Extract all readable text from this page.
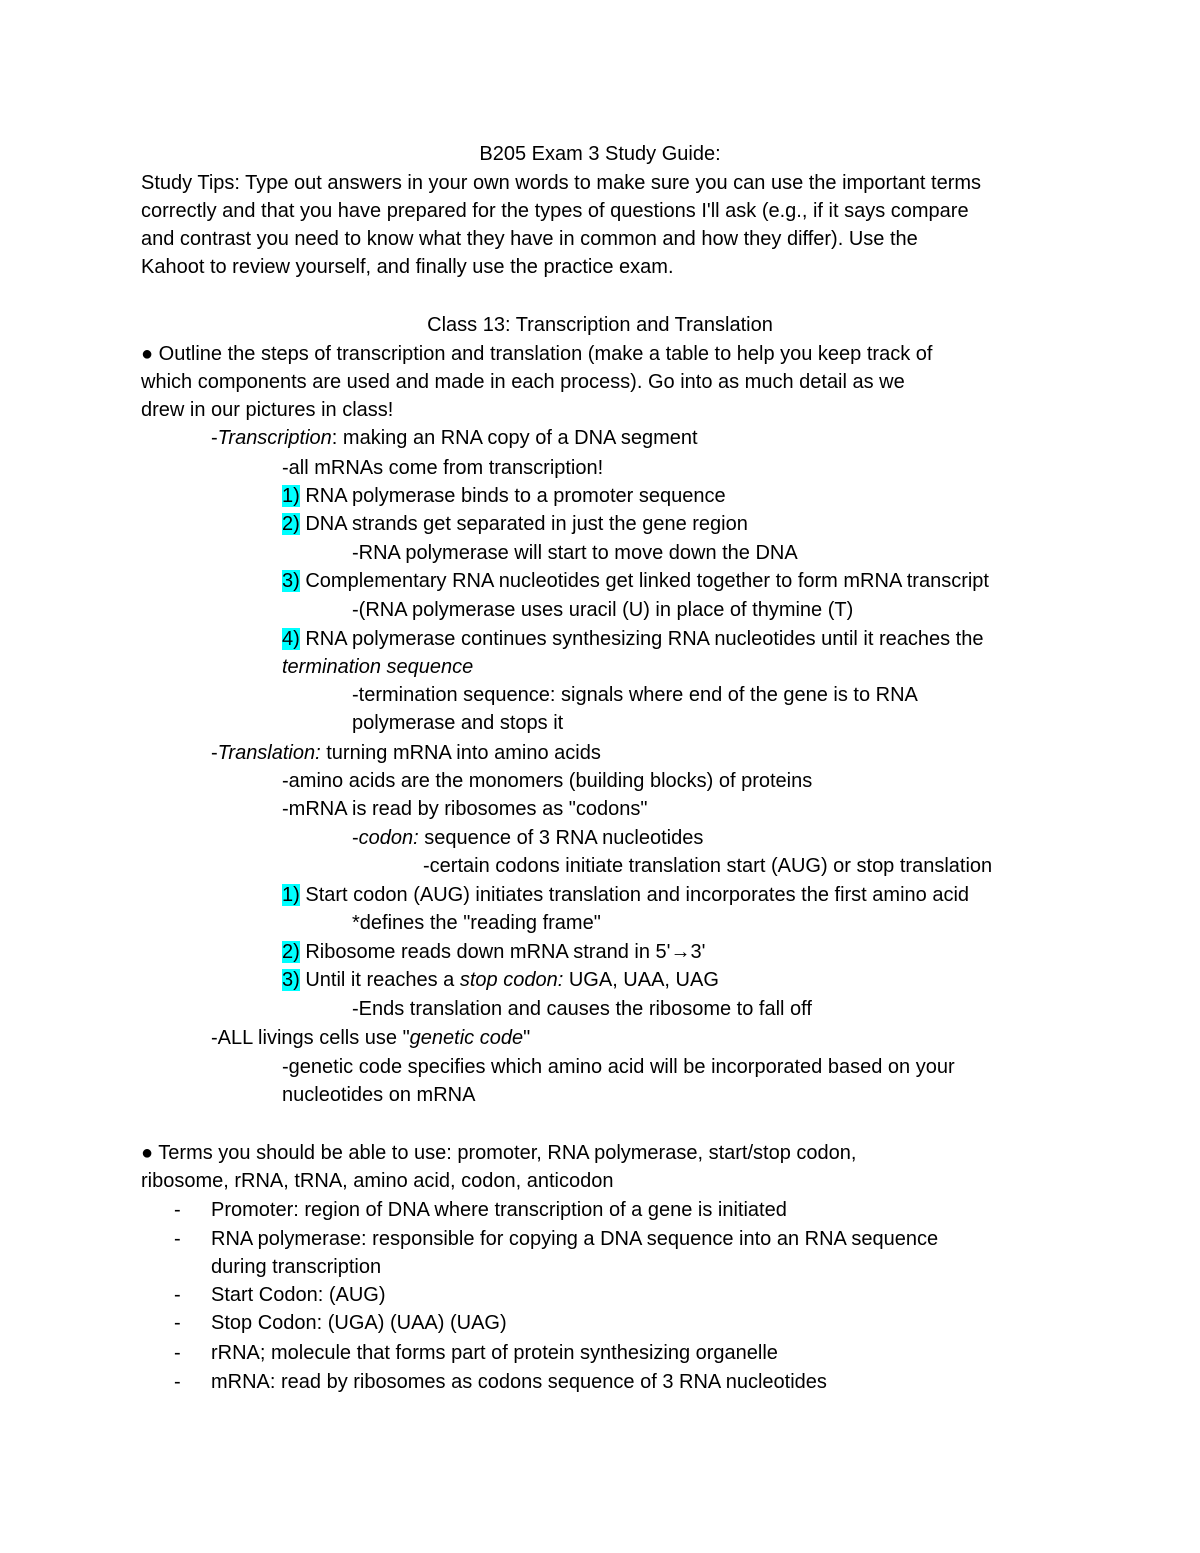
B205 Exam 3 Study Guide:
Study Tips: Type out answers in your own words to make sure you can use the important terms
correctly and that you have prepared for the types of questions I'll ask (e.g., if it says compare
and contrast you need to know what they have in common and how they differ). Use the
Kahoot to review yourself, and finally use the practice exam.
Class 13: Transcription and Translation
● Outline the steps of transcription and translation (make a table to help you keep track of
which components are used and made in each process). Go into as much detail as we
drew in our pictures in class!
-Transcription: making an RNA copy of a DNA segment
-all mRNAs come from transcription!
1) RNA polymerase binds to a promoter sequence
2) DNA strands get separated in just the gene region
-RNA polymerase will start to move down the DNA
3) Complementary RNA nucleotides get linked together to form mRNA transcript
-(RNA polymerase uses uracil (U) in place of thymine (T)
4) RNA polymerase continues synthesizing RNA nucleotides until it reaches the
termination sequence
-termination sequence: signals where end of the gene is to RNA
polymerase and stops it
-Translation: turning mRNA into amino acids
-amino acids are the monomers (building blocks) of proteins
-mRNA is read by ribosomes as "codons"
-codon: sequence of 3 RNA nucleotides
-certain codons initiate translation start (AUG) or stop translation
1) Start codon (AUG) initiates translation and incorporates the first amino acid
*defines the "reading frame"
2) Ribosome reads down mRNA strand in 5'→3'
3) Until it reaches a stop codon: UGA, UAA, UAG
-Ends translation and causes the ribosome to fall off
-ALL livings cells use "genetic code"
-genetic code specifies which amino acid will be incorporated based on your
nucleotides on mRNA
● Terms you should be able to use: promoter, RNA polymerase, start/stop codon,
ribosome, rRNA, tRNA, amino acid, codon, anticodon
- Promoter: region of DNA where transcription of a gene is initiated
- RNA polymerase: responsible for copying a DNA sequence into an RNA sequence
during transcription
- Start Codon: (AUG)
- Stop Codon: (UGA) (UAA) (UAG)
- rRNA; molecule that forms part of protein synthesizing organelle
- mRNA: read by ribosomes as codons sequence of 3 RNA nucleotides
